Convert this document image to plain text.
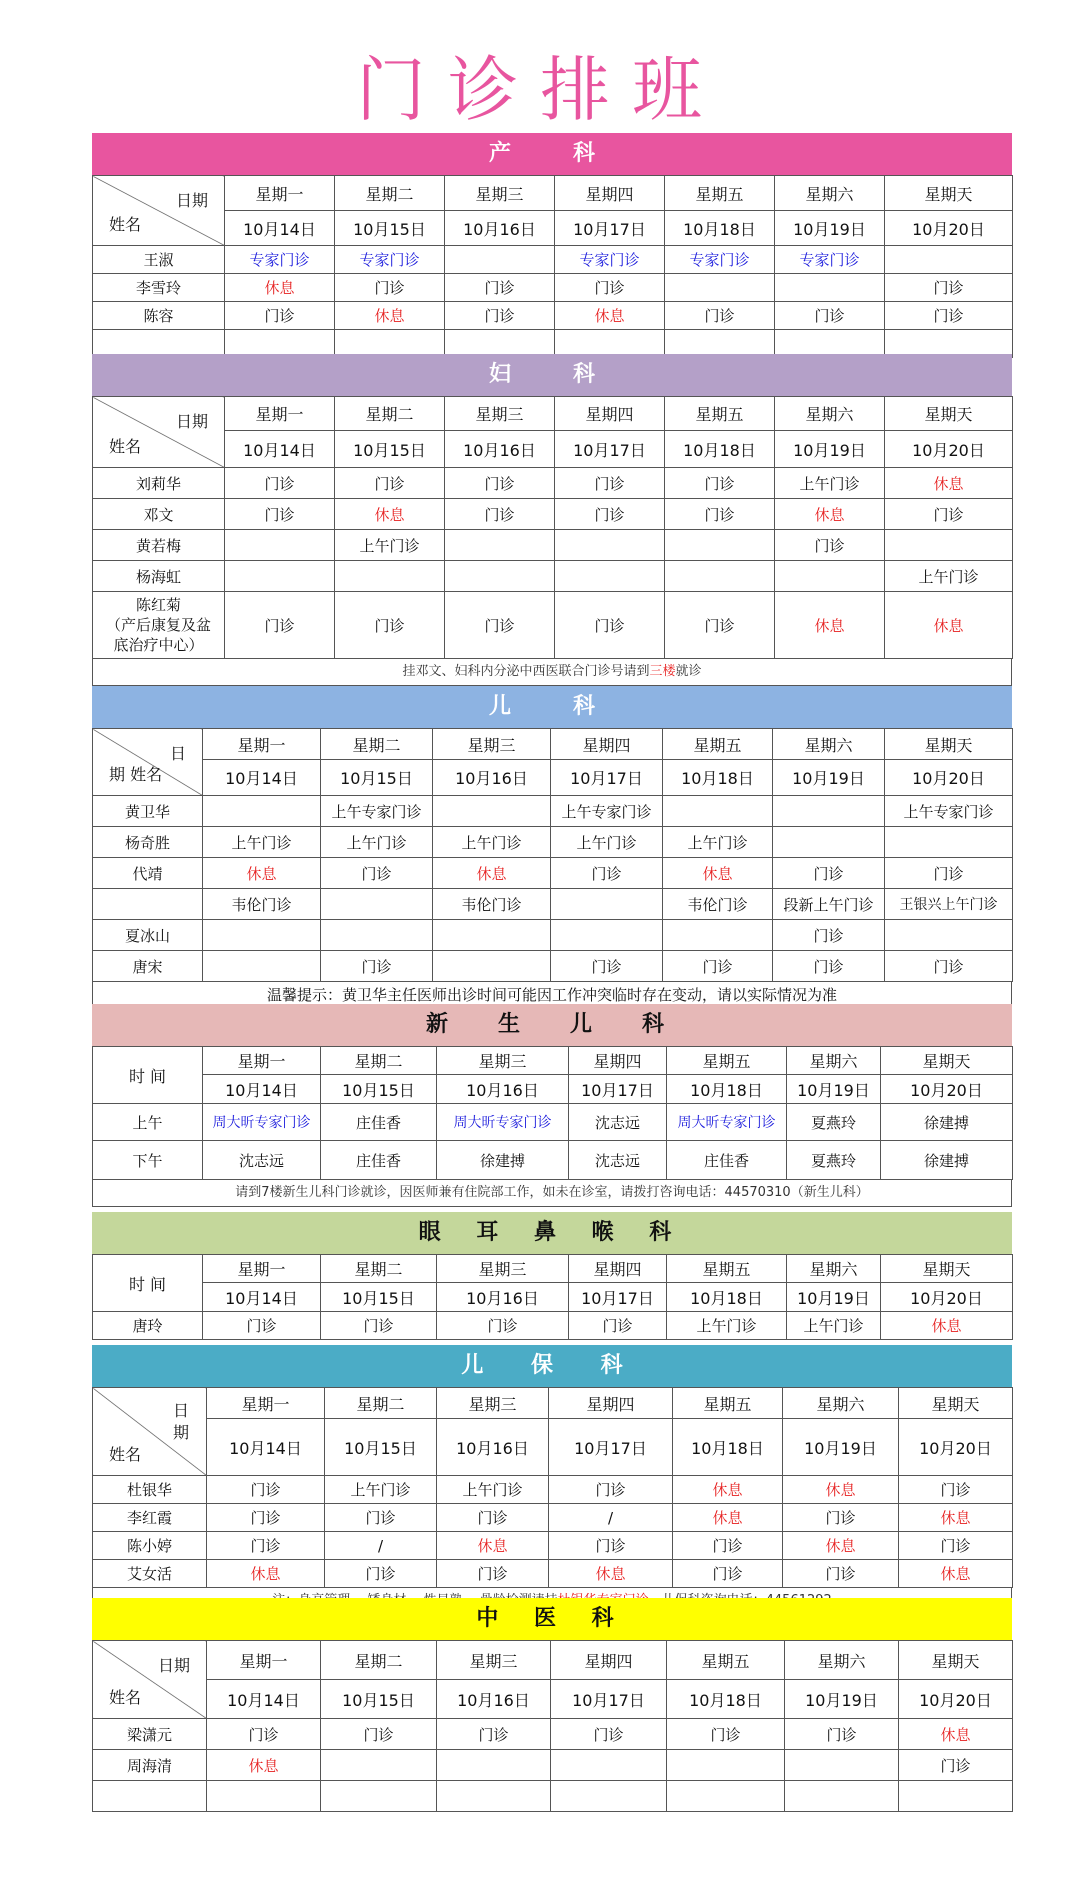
门诊排班
产　科
日期
姓名	星期一	星期二	星期三	星期四	星期五	星期六	星期天
	10月14日	10月15日	10月16日	10月17日	10月18日	10月19日	10月20日
王淑	专家门诊	专家门诊		专家门诊	专家门诊	专家门诊	
李雪玲	休息	门诊	门诊	门诊			门诊
陈容	门诊	休息	门诊	休息	门诊	门诊	门诊

妇　科
日期
姓名	星期一	星期二	星期三	星期四	星期五	星期六	星期天
	10月14日	10月15日	10月16日	10月17日	10月18日	10月19日	10月20日
刘莉华	门诊	门诊	门诊	门诊	门诊	上午门诊	休息
邓文	门诊	休息	门诊	门诊	门诊	休息	门诊
黄若梅		上午门诊				门诊	
杨海虹							上午门诊

陈红菊
（产后康复及盆
底治疗中心）	门诊	门诊	门诊	门诊	门诊	休息	休息
挂邓文、妇科内分泌中西医联合门诊号请到三楼就诊
儿　科
日
期 姓名	星期一	星期二	星期三	星期四	星期五	星期六	星期天
	10月14日	10月15日	10月16日	10月17日	10月18日	10月19日	10月20日
黄卫华		上午专家门诊		上午专家门诊			上午专家门诊
杨奇胜	上午门诊	上午门诊	上午门诊	上午门诊	上午门诊		
代靖	休息	门诊	休息	门诊	休息	门诊	门诊
	韦伦门诊		韦伦门诊		韦伦门诊	段新上午门诊	王银兴上午门诊
夏冰山						门诊	
唐宋		门诊		门诊	门诊	门诊	门诊
温馨提示：黄卫华主任医师出诊时间可能因工作冲突临时存在变动，请以实际情况为准
新　生　儿　科
时 间	星期一	星期二	星期三	星期四	星期五	星期六	星期天
	10月14日	10月15日	10月16日	10月17日	10月18日	10月19日	10月20日
上午	周大昕专家门诊	庄佳香	周大昕专家门诊	沈志远	周大昕专家门诊	夏燕玲	徐建搏
下午	沈志远	庄佳香	徐建搏	沈志远	庄佳香	夏燕玲	徐建搏
请到7楼新生儿科门诊就诊，因医师兼有住院部工作，如未在诊室，请拨打咨询电话：44570310（新生儿科）
眼 耳 鼻 喉 科
时 间	星期一	星期二	星期三	星期四	星期五	星期六	星期天
	10月14日	10月15日	10月16日	10月17日	10月18日	10月19日	10月20日
唐玲	门诊	门诊	门诊	门诊	上午门诊	上午门诊	休息
儿 保 科
日期
姓名	星期一	星期二	星期三	星期四	星期五	星期六	星期天
	10月14日	10月15日	10月16日	10月17日	10月18日	10月19日	10月20日
杜银华	门诊	上午门诊	上午门诊	门诊	休息	休息	门诊
李红霞	门诊	门诊	门诊	/	休息	门诊	休息
陈小婷	门诊	/	休息	门诊	门诊	休息	门诊
艾女活	休息	门诊	门诊	休息	门诊	门诊	休息
中 医 科
日期
姓名	星期一	星期二	星期三	星期四	星期五	星期六	星期天
	10月14日	10月15日	10月16日	10月17日	10月18日	10月19日	10月20日
梁潇元	门诊	门诊	门诊	门诊	门诊	门诊	休息
周海清	休息						门诊
